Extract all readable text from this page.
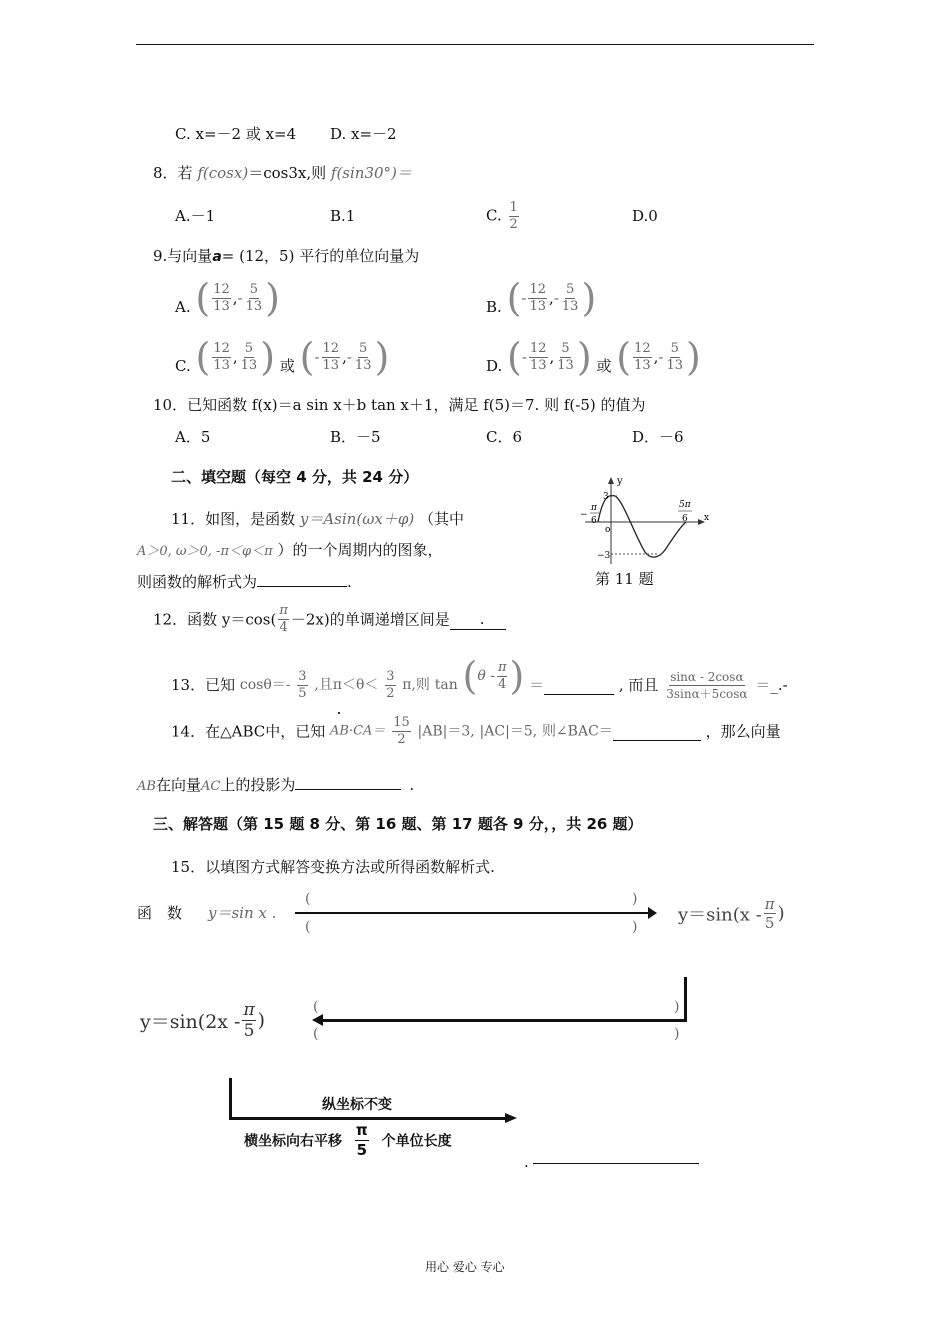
C. x=－2 或 x=4 D. x=－2
8．若 f(cosx)＝cos3x,则 f(sin30°)＝
A.－1	B.1	C. $\frac{1}{2}$	D.0
9.与向量a= (12，5) 平行的单位向量为
A. ( $\frac{12}{13}$ , - $\frac{5}{13}$ )	B. ( - $\frac{12}{13}$ , - $\frac{5}{13}$ )
C. ( $\frac{12}{13}$ , $\frac{5}{13}$ ) 或 ( - $\frac{12}{13}$ , - $\frac{5}{13}$ )	D. ( - $\frac{12}{13}$ , $\frac{5}{13}$ ) 或 ( $\frac{12}{13}$ , - $\frac{5}{13}$ )
10．已知函数 f(x)＝a sin x＋b tan x＋1，满足 f(5)＝7. 则 f(-5) 的值为
A．5	B．－5	C．6	D．－6
二、填空题（每空 4 分，共 24 分）
11．如图，是函数 y＝Asin(ωx＋φ) （其中
A＞0, ω＞0, -π＜φ＜π ）的一个周期内的图象，
则函数的解析式为	.
y
x
o
3
−3
−
π
6
5π
6
第 11 题
12．函数 $y=\cos( \frac{\pi}{4} -2x)$的单调递增区间是 .
13．已知 $\cos\theta=- \frac{3}{5}$ ,且$\pi<\theta< \frac{3}{2} \pi$,则 tan ( θ - $\frac{\pi}{4}$ ) ＝	, 而且 $\frac{\sin\alpha - 2\cos\alpha}{3\sin\alpha+5\cos\alpha}$ ＝_.-
14．在△ABC中，已知 $AB\cdot CA= \frac{15}{2} |AB|=3$, |AC|＝5, 则∠BAC＝	，那么向量
AB在向量AC上的投影为	.
三、解答题（第 15 题 8 分、第 16 题、第 17 题各 9 分，，共 26 题）
15．以填图方式解答变换方法或所得函数解析式.
函　数 y＝sin x .
(	)
(	)
$y=\sin(x - \frac{\pi}{5}$ )
$y=\sin(2x - \frac{\pi}{5}$ )
(	)
(	)
纵坐标不变
横坐标向右平移 $\frac{\pi}{5}$ 个单位长度
.
用心 爱心 专心
